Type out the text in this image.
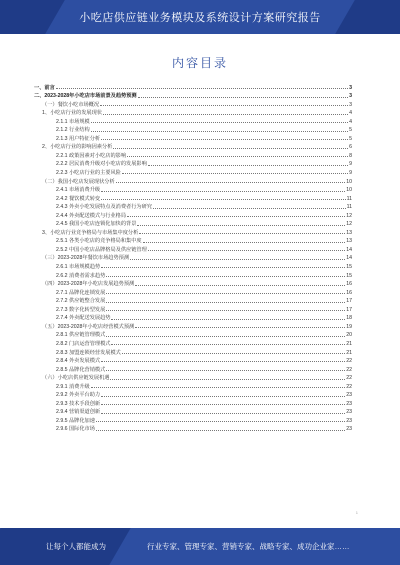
小吃店供应链业务模块及系统设计方案研究报告
内容目录
一、前言	3
二、2023-2028年小吃店市场前景及趋势预测	3
（一）餐饮小吃市场概况	3
1、小吃店行业的发展现状	4
2.1.1 市场规模	4
2.1.2 行业结构	5
2.1.3 用户特征分析	5
2、小吃店行业的影响因素分析	6
2.2.1 政策因素对小吃店的影响	8
2.2.2 居民消费升级对小吃店的发展影响	9
2.2.3 小吃店行业的主要风险	9
（二）我国小吃店发展现状分析	10
2.4.1 市场消费升级	10
2.4.2 餐饮模式转变	11
2.4.3 外卖小吃发展特点及消费者行为研究	11
2.4.4 外卖配送模式与行业格局	12
2.4.5 我国小吃店连锁化加快的背景	12
3、小吃店行业竞争格局与市场集中度分析	13
2.5.1 各类小吃店的竞争格局和集中度	13
2.5.2 中国小吃店品牌格局及供应链管理	14
（三）2023-2028年餐饮市场趋势预测	14
2.6.1 市场规模趋势	15
2.6.2 消费者需求趋势	15
（四）2023-2028年小吃店发展趋势预测	16
2.7.1 品牌化连锁发展	16
2.7.2 供应链整合发展	17
2.7.3 数字化转型发展	17
2.7.4 外卖配送发展趋势	18
（五）2023-2028年小吃店经营模式预测	19
2.8.1 供应链管理模式	20
2.8.2 门店运营管理模式	21
2.8.3 加盟连锁经营发展模式	21
2.8.4 外卖发展模式	22
2.8.5 品牌化营销模式	22
（六）小吃店供应链发展机遇	22
2.9.1 消费升级	22
2.9.2 外卖平台助力	23
2.9.3 技术手段创新	23
2.9.4 营销渠道创新	23
2.9.5 品牌化加速	23
2.9.6 国际化市场	23
1
让每个人都能成为	行业专家、管理专家、营销专家、战略专家、成功企业家……
